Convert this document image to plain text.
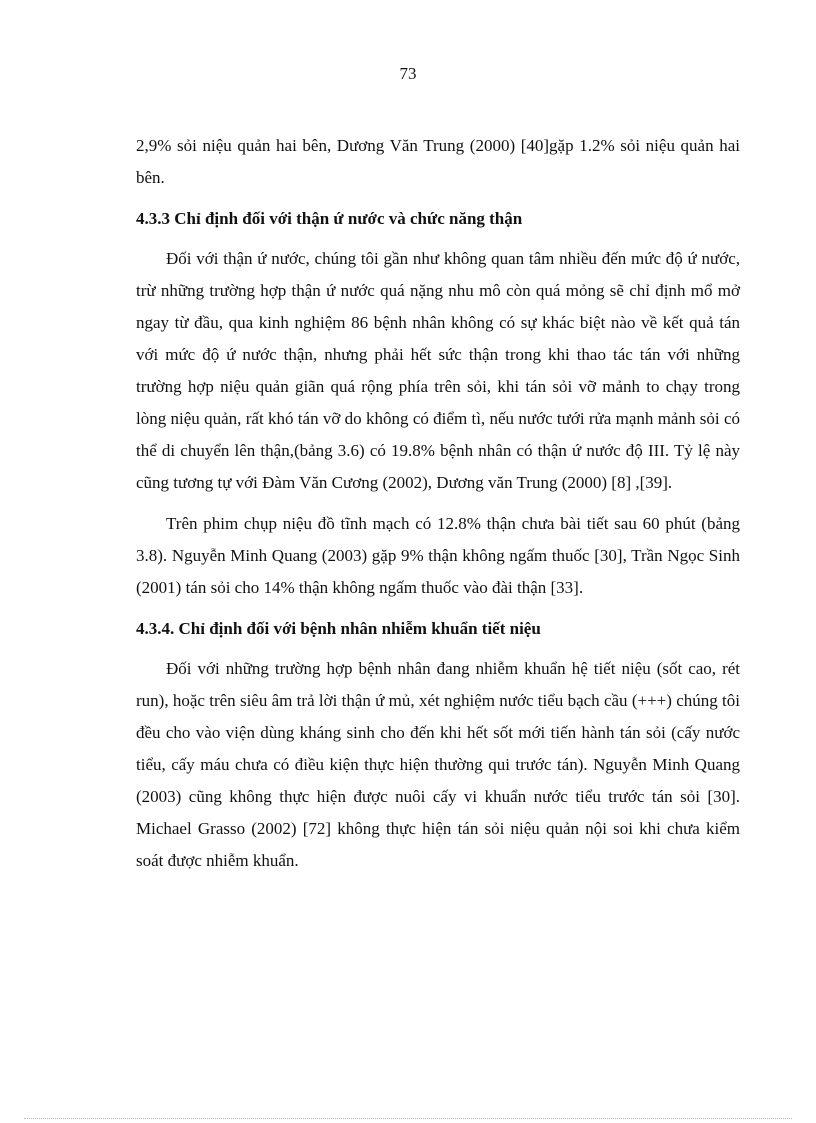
73

2,9% sỏi niệu quản hai bên, Dương Văn Trung (2000) [40]gặp 1.2% sỏi niệu quản hai bên.

4.3.3 Chỉ định đối với thận ứ nước và chức năng thận

Đối với thận ứ nước, chúng tôi gần như không quan tâm nhiều đến mức độ ứ nước, trừ những trường hợp thận ứ nước quá nặng nhu mô còn quá mỏng sẽ chỉ định mổ mở ngay từ đầu, qua kinh nghiệm 86 bệnh nhân không có sự khác biệt nào về kết quả tán với mức độ ứ nước thận, nhưng phải hết sức thận trong khi thao tác tán với những trường hợp niệu quản giãn quá rộng phía trên sỏi, khi tán sỏi vỡ mảnh to chạy trong lòng niệu quản, rất khó tán vỡ do không có điểm tì, nếu nước tưới rửa mạnh mảnh sỏi có thể di chuyển lên thận,(bảng 3.6) có 19.8% bệnh nhân có thận ứ nước độ III. Tỷ lệ này cũng tương tự với Đàm Văn Cương (2002), Dương văn Trung (2000) [8] ,[39].

Trên phim chụp niệu đồ tĩnh mạch có 12.8% thận chưa bài tiết sau 60 phút (bảng 3.8). Nguyễn Minh Quang (2003) gặp 9% thận không ngấm thuốc [30], Trần Ngọc Sinh (2001) tán sỏi cho 14% thận không ngấm thuốc vào đài thận [33].

4.3.4. Chỉ định đối với bệnh nhân nhiễm khuẩn tiết niệu

Đối với những trường hợp bệnh nhân đang nhiễm khuẩn hệ tiết niệu (sốt cao, rét run), hoặc trên siêu âm trả lời thận ứ mủ, xét nghiệm nước tiểu bạch cầu (+++) chúng tôi đều cho vào viện dùng kháng sinh cho đến khi hết sốt mới tiến hành tán sỏi (cấy nước tiểu, cấy máu chưa có điều kiện thực hiện thường qui trước tán). Nguyễn Minh Quang (2003) cũng không thực hiện được nuôi cấy vi khuẩn nước tiểu trước tán sỏi [30]. Michael Grasso (2002) [72] không thực hiện tán sỏi niệu quản nội soi khi chưa kiểm soát được nhiễm khuẩn.
